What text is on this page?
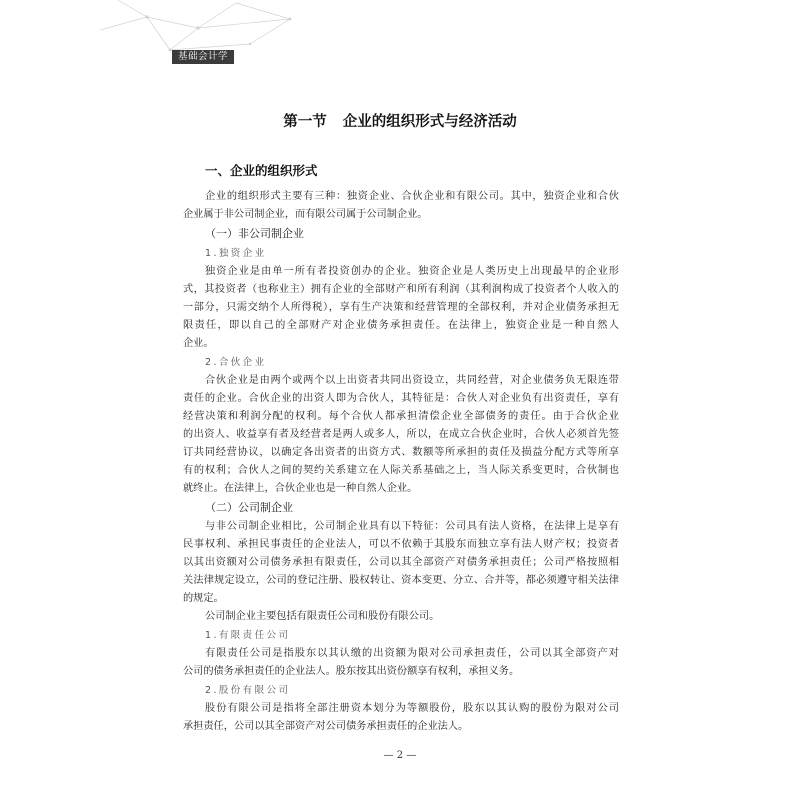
基础会计学
第一节 企业的组织形式与经济活动
一、企业的组织形式
企业的组织形式主要有三种：独资企业、合伙企业和有限公司。其中，独资企业和合伙
企业属于非公司制企业，而有限公司属于公司制企业。
（一）非公司制企业
1.独资企业
独资企业是由单一所有者投资创办的企业。独资企业是人类历史上出现最早的企业形
式，其投资者（也称业主）拥有企业的全部财产和所有利润（其利润构成了投资者个人收入的
一部分，只需交纳个人所得税），享有生产决策和经营管理的全部权利，并对企业债务承担无
限责任，即以自己的全部财产对企业债务承担责任。在法律上，独资企业是一种自然人
企业。
2.合伙企业
合伙企业是由两个或两个以上出资者共同出资设立，共同经营，对企业债务负无限连带
责任的企业。合伙企业的出资人即为合伙人，其特征是：合伙人对企业负有出资责任，享有
经营决策和利润分配的权利。每个合伙人都承担清偿企业全部债务的责任。由于合伙企业
的出资人、收益享有者及经营者是两人或多人，所以，在成立合伙企业时，合伙人必须首先签
订共同经营协议，以确定各出资者的出资方式、数额等所承担的责任及损益分配方式等所享
有的权利；合伙人之间的契约关系建立在人际关系基础之上，当人际关系变更时，合伙制也
就终止。在法律上，合伙企业也是一种自然人企业。
（二）公司制企业
与非公司制企业相比，公司制企业具有以下特征：公司具有法人资格，在法律上是享有
民事权利、承担民事责任的企业法人，可以不依赖于其股东而独立享有法人财产权；投资者
以其出资额对公司债务承担有限责任，公司以其全部资产对债务承担责任；公司严格按照相
关法律规定设立，公司的登记注册、股权转让、资本变更、分立、合并等，都必须遵守相关法律
的规定。
公司制企业主要包括有限责任公司和股份有限公司。
1.有限责任公司
有限责任公司是指股东以其认缴的出资额为限对公司承担责任，公司以其全部资产对
公司的债务承担责任的企业法人。股东按其出资份额享有权利，承担义务。
2.股份有限公司
股份有限公司是指将全部注册资本划分为等额股份，股东以其认购的股份为限对公司
承担责任，公司以其全部资产对公司债务承担责任的企业法人。
— 2 —
